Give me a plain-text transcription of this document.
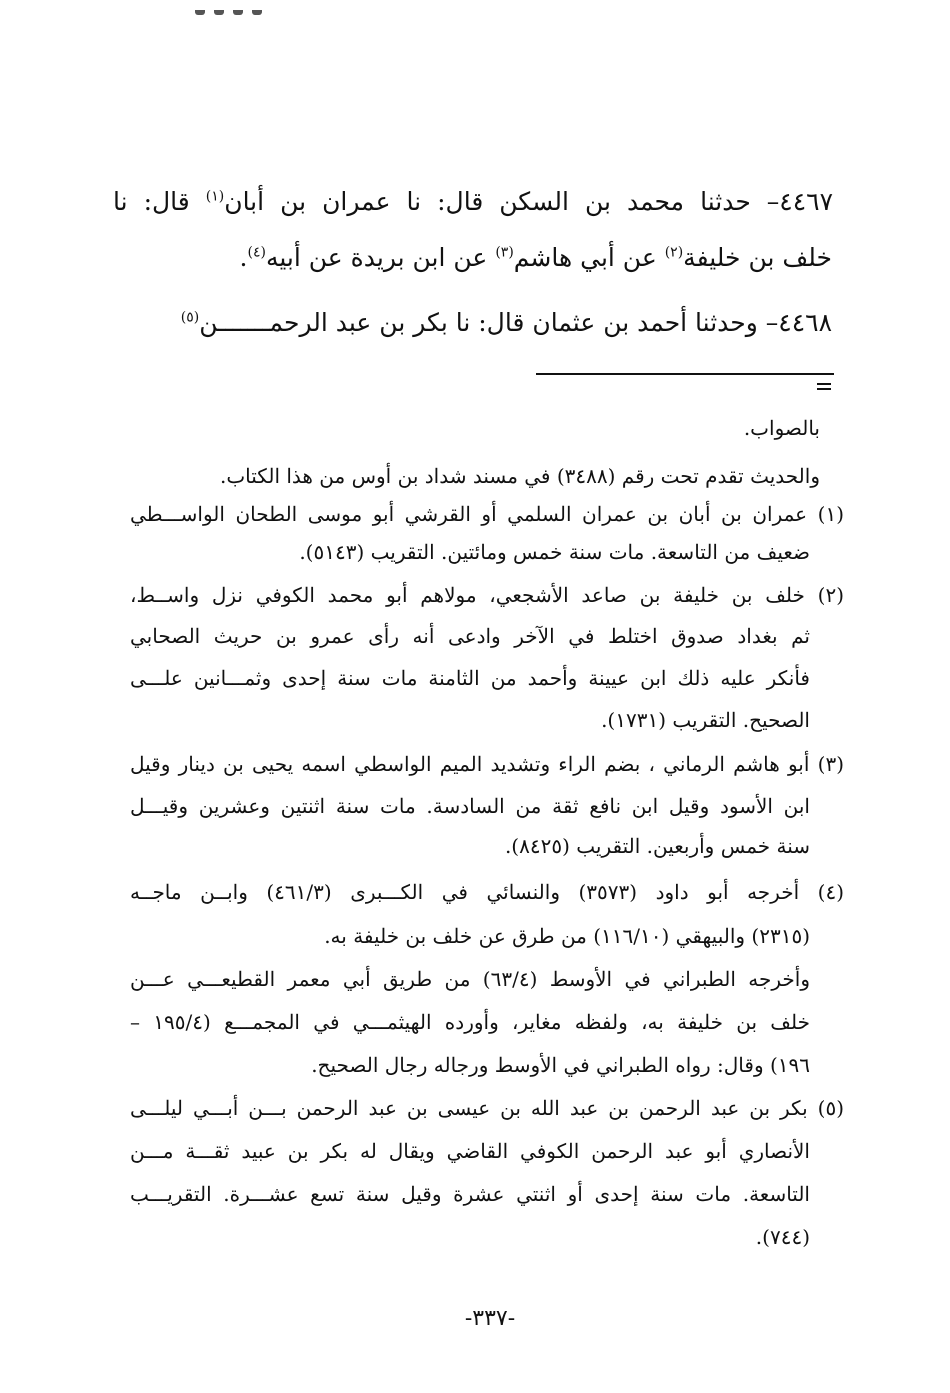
٤٤٦٧– حدثنا محمد بن السكن قال: نا عمران بن أبان$^{(١)}$ قال: نا
خلف بن خليفة$^{(٢)}$ عن أبي هاشم$^{(٣)}$ عن ابن بريدة عن أبيه$^{(٤)}$.
٤٤٦٨– وحدثنا أحمد بن عثمان قال: نا بكر بن عبد الرحمـــــــن$^{(٥)}$
بالصواب.
والحديث تقدم تحت رقم (٣٤٨٨) في مسند شداد بن أوس من هذا الكتاب.
(١) عمران بن أبان بن عمران السلمي أو القرشي أبو موسى الطحان الواســـطي
ضعيف من التاسعة. مات سنة خمس ومائتين. التقريب (٥١٤٣).
(٢) خلف بن خليفة بن صاعد الأشجعي، مولاهم أبو محمد الكوفي نزل واســط،
ثم بغداد صدوق اختلط في الآخر وادعى أنه رأى عمرو بن حريث الصحابي
فأنكر عليه ذلك ابن عيينة وأحمد من الثامنة مات سنة إحدى وثمـــانين علـــى
الصحيح. التقريب (١٧٣١).
(٣) أبو هاشم الرماني ، بضم الراء وتشديد الميم الواسطي اسمه يحيى بن دينار وقيل
ابن الأسود وقيل ابن نافع ثقة من السادسة. مات سنة اثنتين وعشرين وقيـــل
سنة خمس وأربعين. التقريب (٨٤٢٥).
(٤) أخرجه أبو داود (٣٥٧٣) والنسائي في الكـــبرى (٤٦١/٣) وابــن ماجــه
(٢٣١٥) والبيهقي (١١٦/١٠) من طرق عن خلف بن خليفة به.
وأخرجه الطبراني في الأوسط (٦٣/٤) من طريق أبي معمر القطيعـــي عـــن
خلف بن خليفة به، ولفظه مغاير، وأورده الهيثمـــي في المجمـــع (١٩٥/٤ –
١٩٦) وقال: رواه الطبراني في الأوسط ورجاله رجال الصحيح.
(٥) بكر بن عبد الرحمن بن عبد الله بن عيسى بن عبد الرحمن بـــن أبـــي ليلـــى
الأنصاري أبو عبد الرحمن الكوفي القاضي ويقال له بكر بن عبيد ثقـــة مـــن
التاسعة. مات سنة إحدى أو اثنتي عشرة وقيل سنة تسع عشـــرة. التقريـــب
(٧٤٤).
-٣٣٧-
